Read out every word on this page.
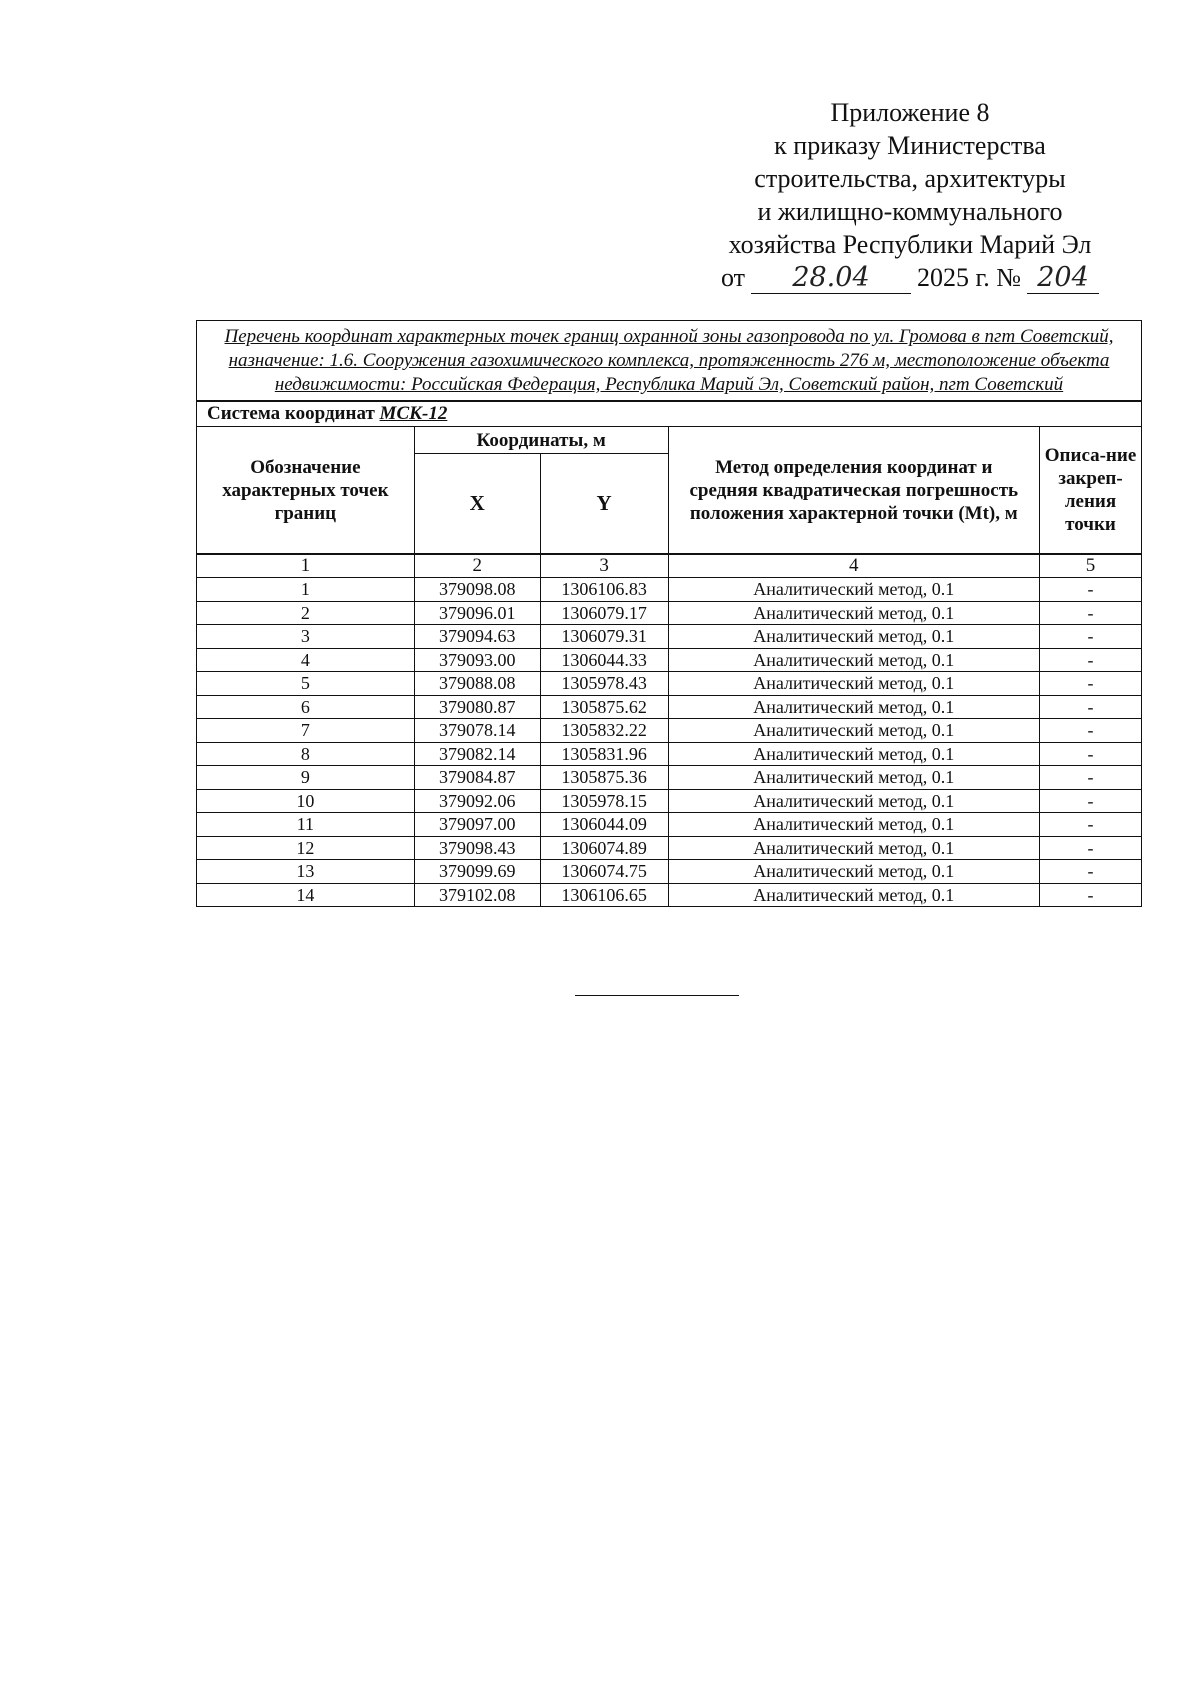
Приложение 8
к приказу Министерства
строительства, архитектуры
и жилищно-коммунального
хозяйства Республики Марий Эл
от	28.04	2025 г. № 204
Перечень координат характерных точек границ охранной зоны газопровода по ул. Громова в пгт Советский, назначение: 1.6. Сооружения газохимического комплекса, протяженность 276 м, местоположение объекта недвижимости: Российская Федерация, Республика Марий Эл, Советский район, пгт Советский				
Система координат МСК-12				
Обозначение характерных точек границ	Координаты, м		Метод определения координат и средняя квадратическая погрешность положения характерной точки (Mt), м	Описа-ние закреп-ления точки
	X	Y		
1	2	3	4	5
1	379098.08	1306106.83	Аналитический метод, 0.1	-
2	379096.01	1306079.17	Аналитический метод, 0.1	-
3	379094.63	1306079.31	Аналитический метод, 0.1	-
4	379093.00	1306044.33	Аналитический метод, 0.1	-
5	379088.08	1305978.43	Аналитический метод, 0.1	-
6	379080.87	1305875.62	Аналитический метод, 0.1	-
7	379078.14	1305832.22	Аналитический метод, 0.1	-
8	379082.14	1305831.96	Аналитический метод, 0.1	-
9	379084.87	1305875.36	Аналитический метод, 0.1	-
10	379092.06	1305978.15	Аналитический метод, 0.1	-
11	379097.00	1306044.09	Аналитический метод, 0.1	-
12	379098.43	1306074.89	Аналитический метод, 0.1	-
13	379099.69	1306074.75	Аналитический метод, 0.1	-
14	379102.08	1306106.65	Аналитический метод, 0.1	-
